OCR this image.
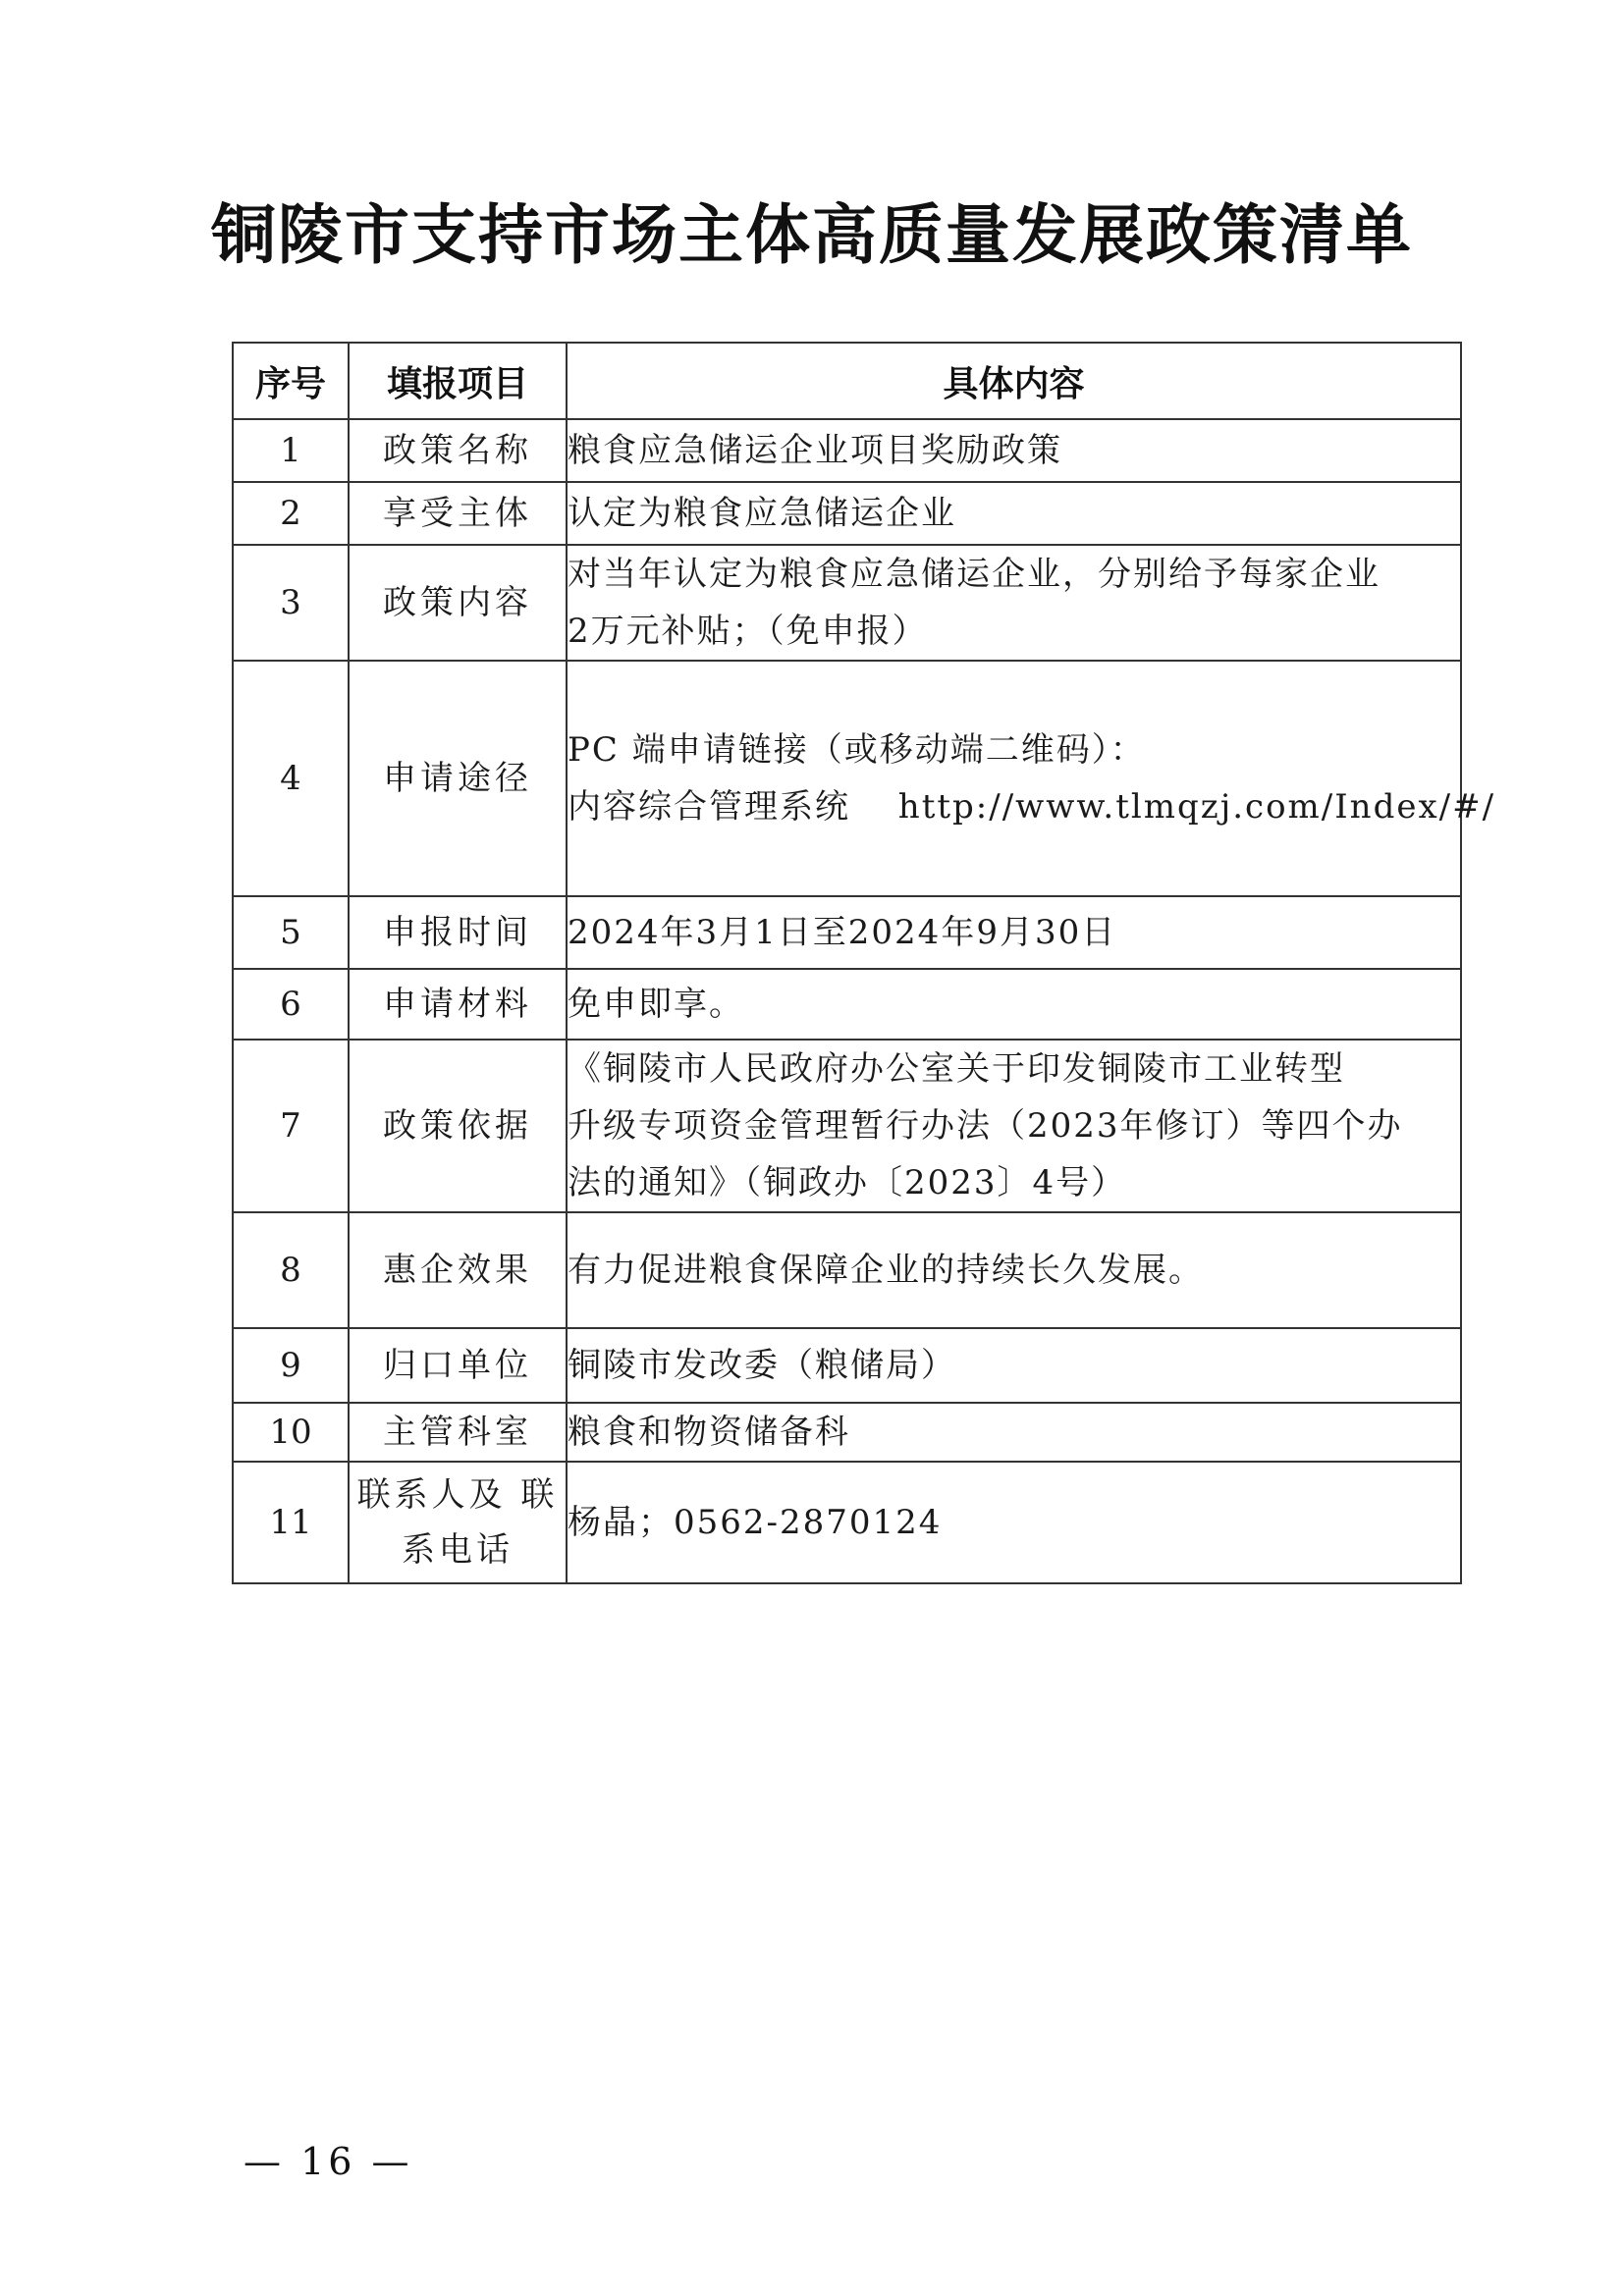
铜陵市支持市场主体高质量发展政策清单
序号	填报项目	具体内容
1	政策名称	粮食应急储运企业项目奖励政策

2	享受主体	认定为粮食应急储运企业

3	政策内容	对当年认定为粮食应急储运企业，分别给予每家企业
2万元补贴；（免申报）

4	申请途径	PC 端申请链接（或移动端二维码）：
内容综合管理系统　 http://www.tlmqzj.com/Index/#/

5	申报时间	2024年3月1日至2024年9月30日

6	申请材料	免申即享。

7	政策依据	《铜陵市人民政府办公室关于印发铜陵市工业转型
升级专项资金管理暂行办法（2023年修订）等四个办
法的通知》（铜政办〔2023〕4号）

8	惠企效果	有力促进粮食保障企业的持续长久发展。

9	归口单位	铜陵市发改委（粮储局）

10	主管科室	粮食和物资储备科

11	联系人及 联系电话	杨晶；0562-2870124
— 16 —
